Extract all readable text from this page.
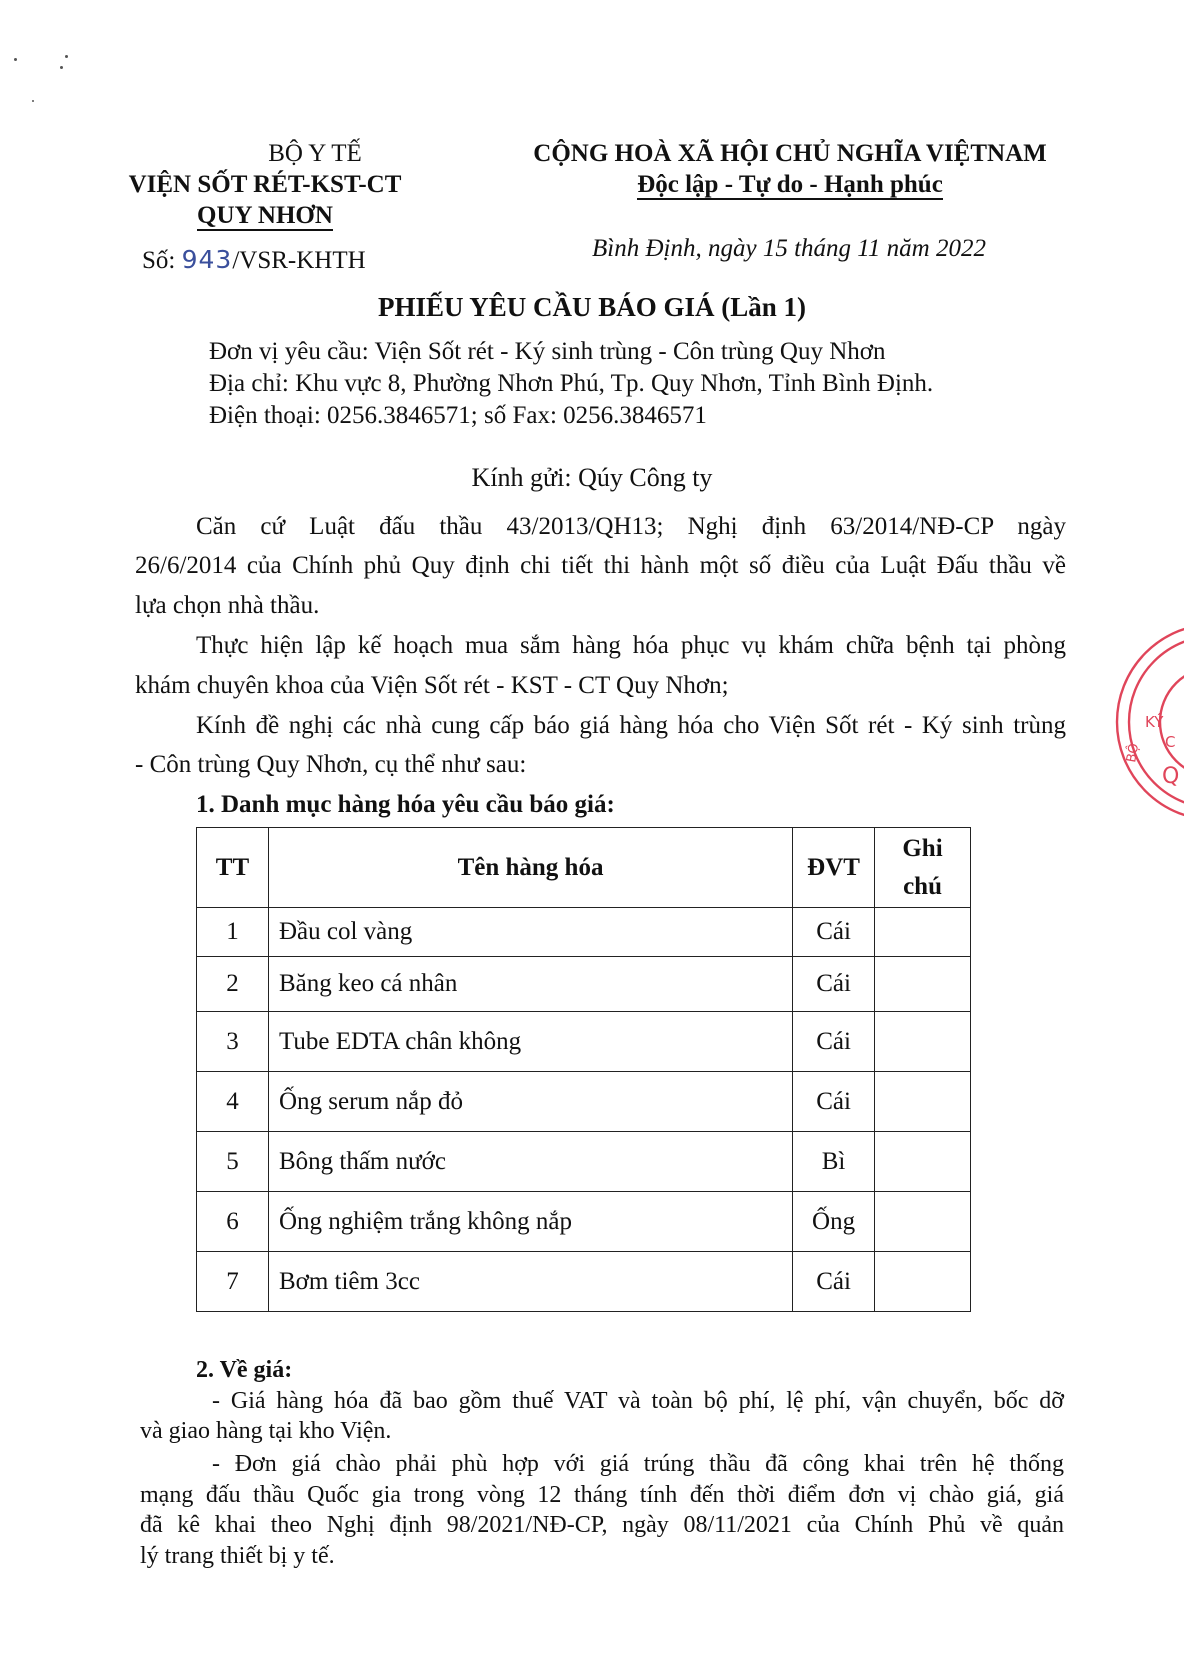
BỘ Y TẾ
VIỆN SỐT RÉT-KST-CT
QUY NHƠN
Số: 943/VSR-KHTH
CỘNG HOÀ XÃ HỘI CHỦ NGHĨA VIỆTNAM
Độc lập - Tự do - Hạnh phúc
Bình Định, ngày 15 tháng 11 năm 2022
PHIẾU YÊU CẦU BÁO GIÁ (Lần 1)
Đơn vị yêu cầu: Viện Sốt rét - Ký sinh trùng - Côn trùng Quy Nhơn
Địa chỉ: Khu vực 8, Phường Nhơn Phú, Tp. Quy Nhơn, Tỉnh Bình Định.
Điện thoại: 0256.3846571; số Fax: 0256.3846571
Kính gửi: Qúy Công ty
Căn cứ Luật đấu thầu 43/2013/QH13; Nghị định 63/2014/NĐ-CP ngày
26/6/2014 của Chính phủ Quy định chi tiết thi hành một số điều của Luật Đấu thầu về
lựa chọn nhà thầu.
Thực hiện lập kế hoạch mua sắm hàng hóa phục vụ khám chữa bệnh tại phòng
khám chuyên khoa của Viện Sốt rét - KST - CT Quy Nhơn;
Kính đề nghị các nhà cung cấp báo giá hàng hóa cho Viện Sốt rét - Ký sinh trùng
- Côn trùng Quy Nhơn, cụ thể như sau:
1. Danh mục hàng hóa yêu cầu báo giá:
TT	Tên hàng hóa	ĐVT	Ghi
chú

1	Đầu col vàng	Cái	
2	Băng keo cá nhân	Cái	
3	Tube EDTA chân không	Cái	
4	Ống serum nắp đỏ	Cái	
5	Bông thấm nước	Bì	
6	Ống nghiệm trắng không nắp	Ống	
7	Bơm tiêm 3cc	Cái	
2. Về giá:
- Giá hàng hóa đã bao gồm thuế VAT và toàn bộ phí, lệ phí, vận chuyển, bốc dỡ
và giao hàng tại kho Viện.
- Đơn giá chào phải phù hợp với giá trúng thầu đã công khai trên hệ thống
mạng đấu thầu Quốc gia trong vòng 12 tháng tính đến thời điểm đơn vị chào giá, giá
đã kê khai theo Nghị định 98/2021/NĐ-CP, ngày 08/11/2021 của Chính Phủ về quản
lý trang thiết bị y tế.
KÝ
C
Q
BỘ
